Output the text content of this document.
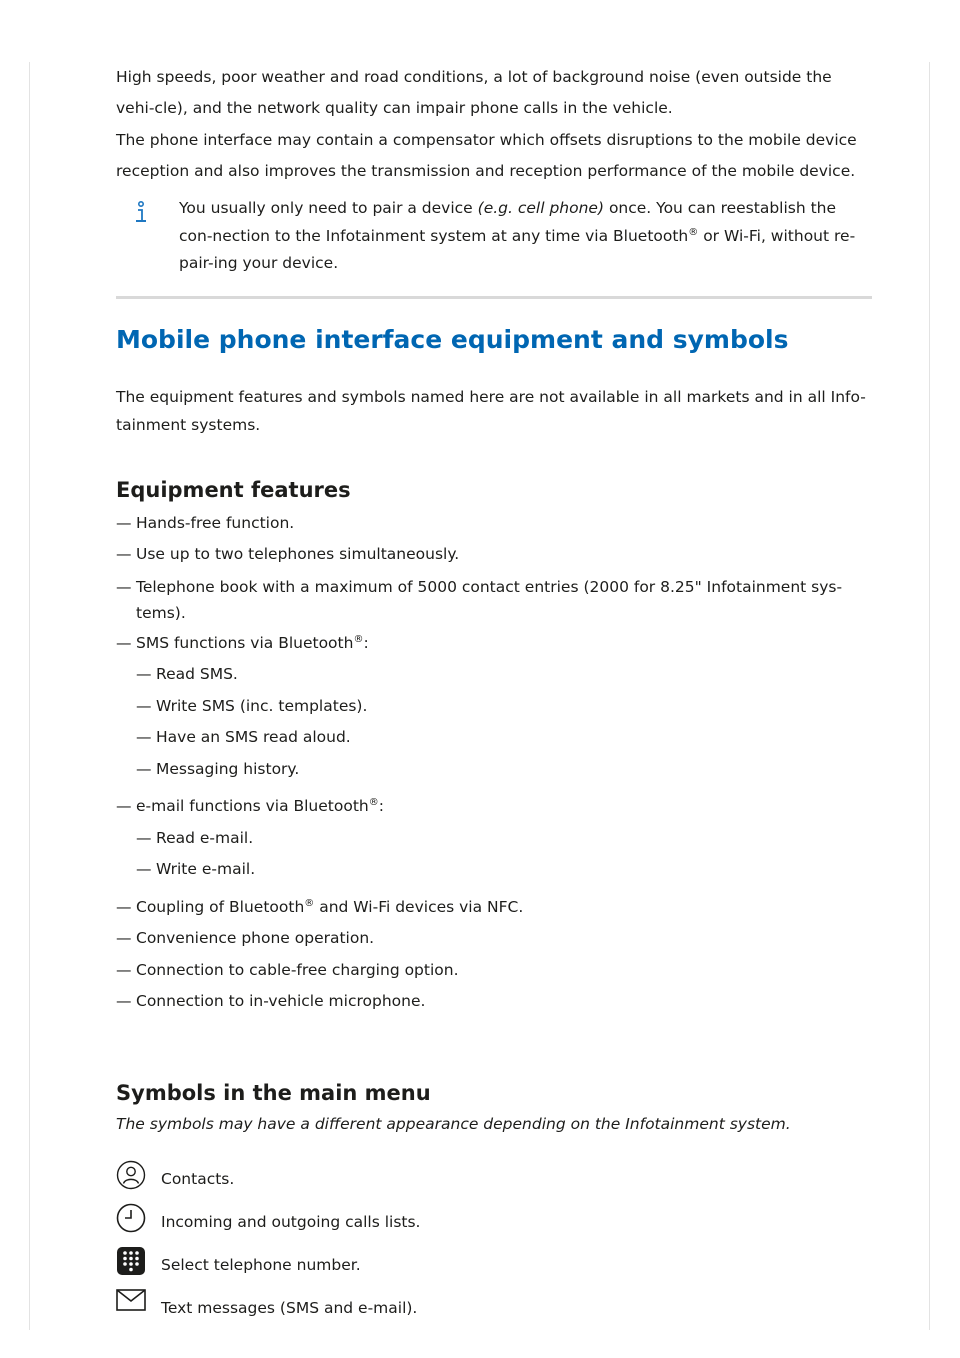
High speeds, poor weather and road conditions, a lot of background noise (even outside the vehi-cle), and the network quality can impair phone calls in the vehicle.

The phone interface may contain a compensator which offsets disruptions to the mobile device reception and also improves the transmission and reception performance of the mobile device.

You usually only need to pair a device (e.g. cell phone) once. You can reestablish the con-nection to the Infotainment system at any time via Bluetooth® or Wi-Fi, without re-pair-ing your device.

Mobile phone interface equipment and symbols

The equipment features and symbols named here are not available in all markets and in all Info-tainment systems.

Equipment features
— Hands-free function.
— Use up to two telephones simultaneously.
— Telephone book with a maximum of 5000 contact entries (2000 for 8.25" Infotainment sys-tems).
— SMS functions via Bluetooth®:
— Read SMS.
— Write SMS (inc. templates).
— Have an SMS read aloud.
— Messaging history.
— e-mail functions via Bluetooth®:
— Read e-mail.
— Write e-mail.
— Coupling of Bluetooth® and Wi-Fi devices via NFC.
— Convenience phone operation.
— Connection to cable-free charging option.
— Connection to in-vehicle microphone.
Symbols in the main menu

The symbols may have a different appearance depending on the Infotainment system.

Contacts.
Incoming and outgoing calls lists.
Select telephone number.
Text messages (SMS and e-mail).
